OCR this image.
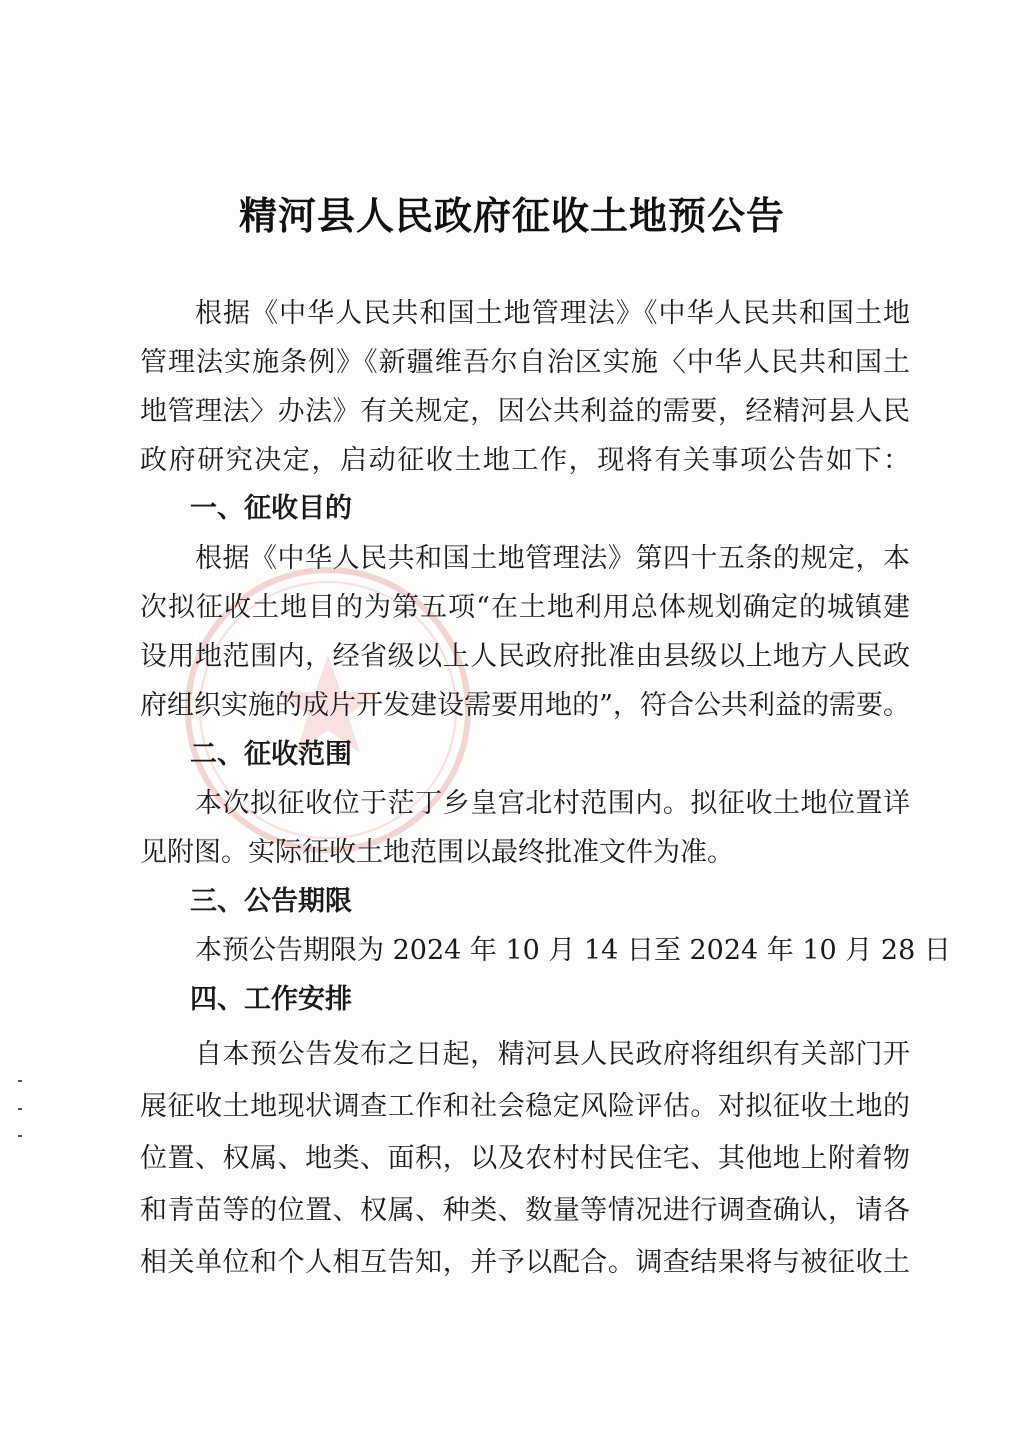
精河县人民政府征收土地预公告
根据《中华人民共和国土地管理法》《中华人民共和国土地
管理法实施条例》《新疆维吾尔自治区实施〈中华人民共和国土
地管理法〉办法》有关规定，因公共利益的需要，经精河县人民
政府研究决定，启动征收土地工作，现将有关事项公告如下：
一、征收目的
根据《中华人民共和国土地管理法》第四十五条的规定，本
次拟征收土地目的为第五项“在土地利用总体规划确定的城镇建
设用地范围内，经省级以上人民政府批准由县级以上地方人民政
府组织实施的成片开发建设需要用地的”，符合公共利益的需要。
二、征收范围
本次拟征收位于茫丁乡皇宫北村范围内。拟征收土地位置详
见附图。实际征收土地范围以最终批准文件为准。
三、公告期限
本预公告期限为 2024 年 10 月 14 日至 2024 年 10 月 28 日
四、工作安排
自本预公告发布之日起，精河县人民政府将组织有关部门开
展征收土地现状调查工作和社会稳定风险评估。对拟征收土地的
位置、权属、地类、面积，以及农村村民住宅、其他地上附着物
和青苗等的位置、权属、种类、数量等情况进行调查确认，请各
相关单位和个人相互告知，并予以配合。调查结果将与被征收土
